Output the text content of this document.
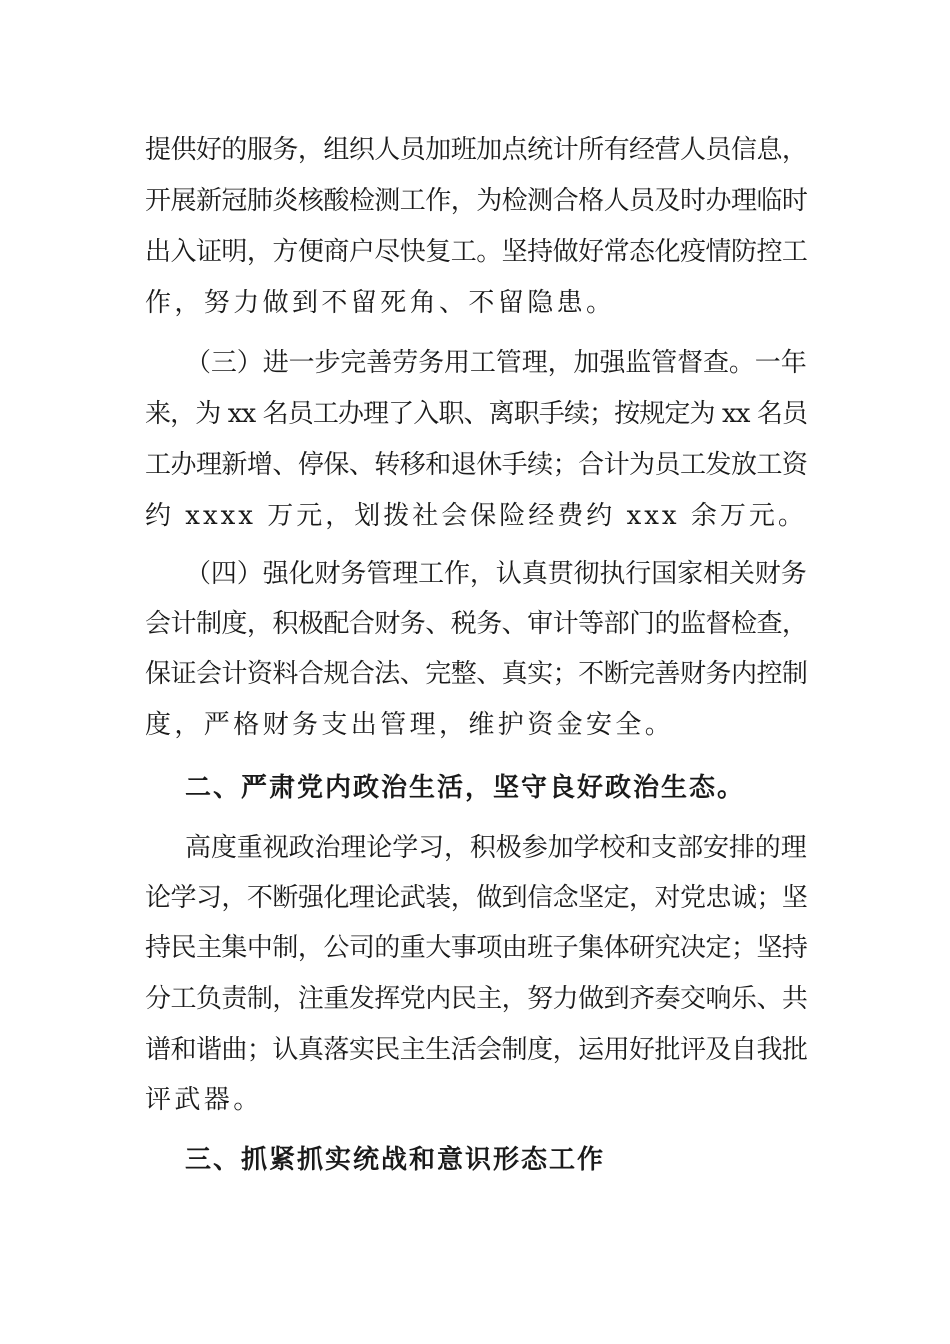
提供好的服务，组织人员加班加点统计所有经营人员信息，
开展新冠肺炎核酸检测工作，为检测合格人员及时办理临时
出入证明，方便商户尽快复工。坚持做好常态化疫情防控工
作，努力做到不留死角、不留隐患。
（三）进一步完善劳务用工管理，加强监管督查。一年
来，为 xx 名员工办理了入职、离职手续；按规定为 xx 名员
工办理新增、停保、转移和退休手续；合计为员工发放工资
约 xxxx 万元，划拨社会保险经费约 xxx 余万元。
（四）强化财务管理工作，认真贯彻执行国家相关财务
会计制度，积极配合财务、税务、审计等部门的监督检查，
保证会计资料合规合法、完整、真实；不断完善财务内控制
度，严格财务支出管理，维护资金安全。
二、严肃党内政治生活，坚守良好政治生态。
高度重视政治理论学习，积极参加学校和支部安排的理
论学习，不断强化理论武装，做到信念坚定，对党忠诚；坚
持民主集中制，公司的重大事项由班子集体研究决定；坚持
分工负责制，注重发挥党内民主，努力做到齐奏交响乐、共
谱和谐曲；认真落实民主生活会制度，运用好批评及自我批
评武器。
三、抓紧抓实统战和意识形态工作
